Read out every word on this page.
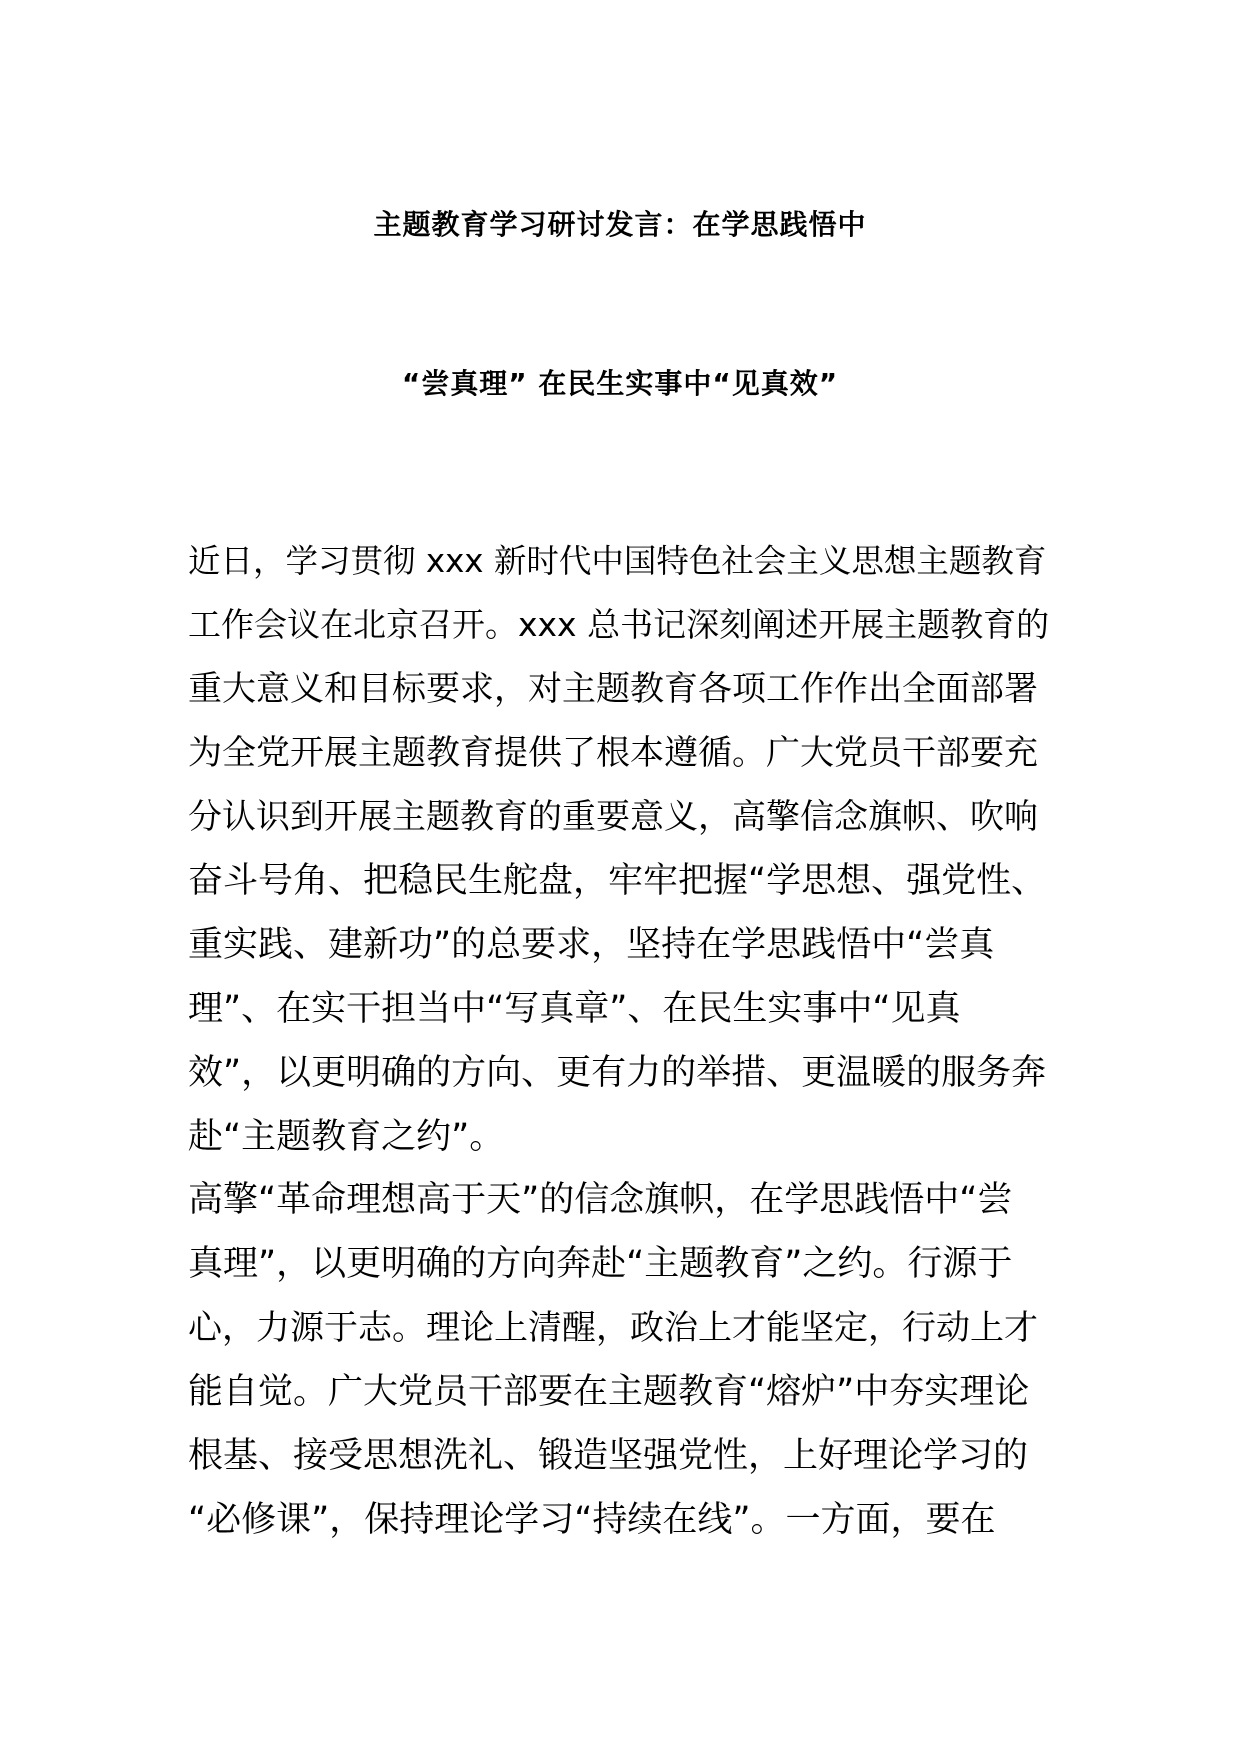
主题教育学习研讨发言：在学思践悟中
“尝真理” 在民生实事中“见真效”
近日，学习贯彻 xxx 新时代中国特色社会主义思想主题教育
工作会议在北京召开。xxx 总书记深刻阐述开展主题教育的
重大意义和目标要求，对主题教育各项工作作出全面部署
为全党开展主题教育提供了根本遵循。广大党员干部要充
分认识到开展主题教育的重要意义，高擎信念旗帜、吹响
奋斗号角、把稳民生舵盘，牢牢把握“学思想、强党性、
重实践、建新功”的总要求，坚持在学思践悟中“尝真
理”、在实干担当中“写真章”、在民生实事中“见真
效”，以更明确的方向、更有力的举措、更温暖的服务奔
赴“主题教育之约”。
高擎“革命理想高于天”的信念旗帜，在学思践悟中“尝
真理”，以更明确的方向奔赴“主题教育”之约。行源于
心，力源于志。理论上清醒，政治上才能坚定，行动上才
能自觉。广大党员干部要在主题教育“熔炉”中夯实理论
根基、接受思想洗礼、锻造坚强党性，上好理论学习的
“必修课”，保持理论学习“持续在线”。一方面，要在
